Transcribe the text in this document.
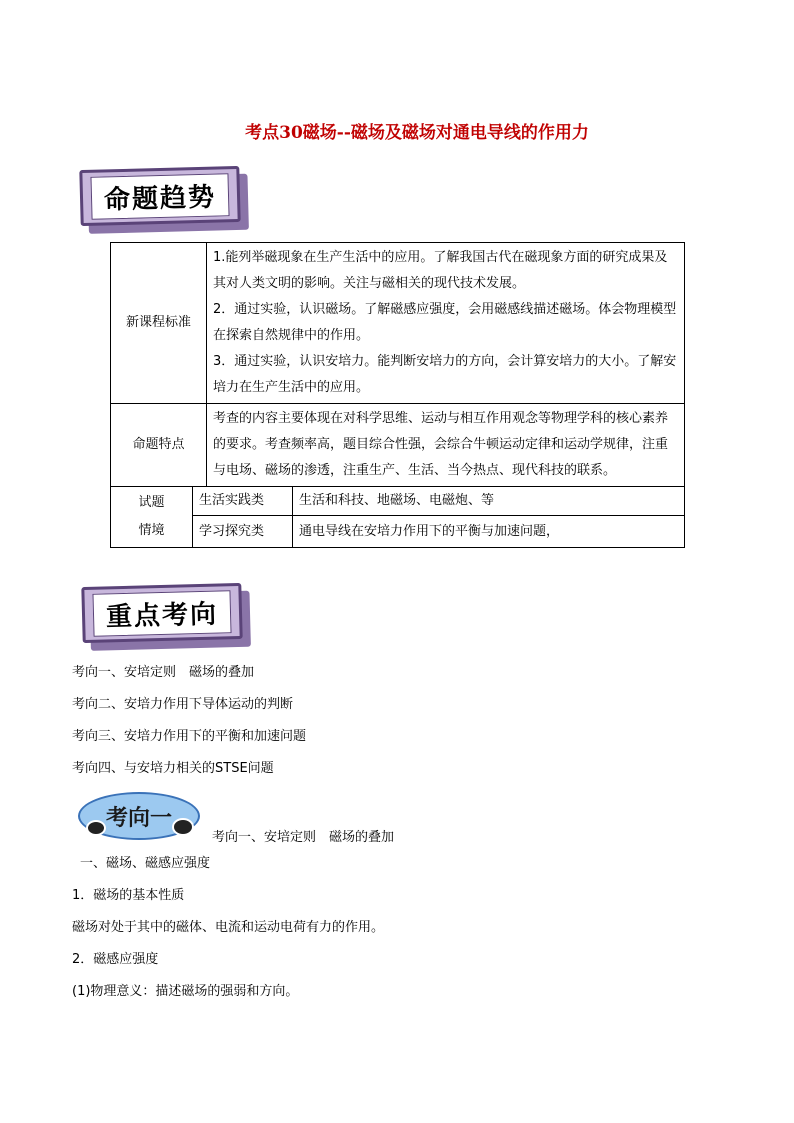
考点30磁场--磁场及磁场对通电导线的作用力
命题趋势
新课程标准		1.能列举磁现象在生产生活中的应用。了解我国古代在磁现象方面的研究成果及其对人类文明的影响。关注与磁相关的现代技术发展。
2．通过实验，认识磁场。了解磁感应强度，会用磁感线描述磁场。体会物理模型在探索自然规律中的作用。
3．通过实验，认识安培力。能判断安培力的方向，会计算安培力的大小。了解安培力在生产生活中的应用。	

命题特点		考查的内容主要体现在对科学思维、运动与相互作用观念等物理学科的核心素养的要求。考查频率高，题目综合性强，会综合牛顿运动定律和运动学规律，注重与电场、磁场的渗透，注重生产、生活、当今热点、现代科技的联系。	

试题
情境	生活实践类		生活和科技、地磁场、电磁炮、等
	学习探究类		通电导线在安培力作用下的平衡与加速问题，
重点考向
考向一、安培定则　磁场的叠加
考向二、安培力作用下导体运动的判断
考向三、安培力作用下的平衡和加速问题
考向四、与安培力相关的STSE问题
考向一
考向一、安培定则　磁场的叠加
一、磁场、磁感应强度
1．磁场的基本性质
磁场对处于其中的磁体、电流和运动电荷有力的作用。
2．磁感应强度
(1)物理意义：描述磁场的强弱和方向。
